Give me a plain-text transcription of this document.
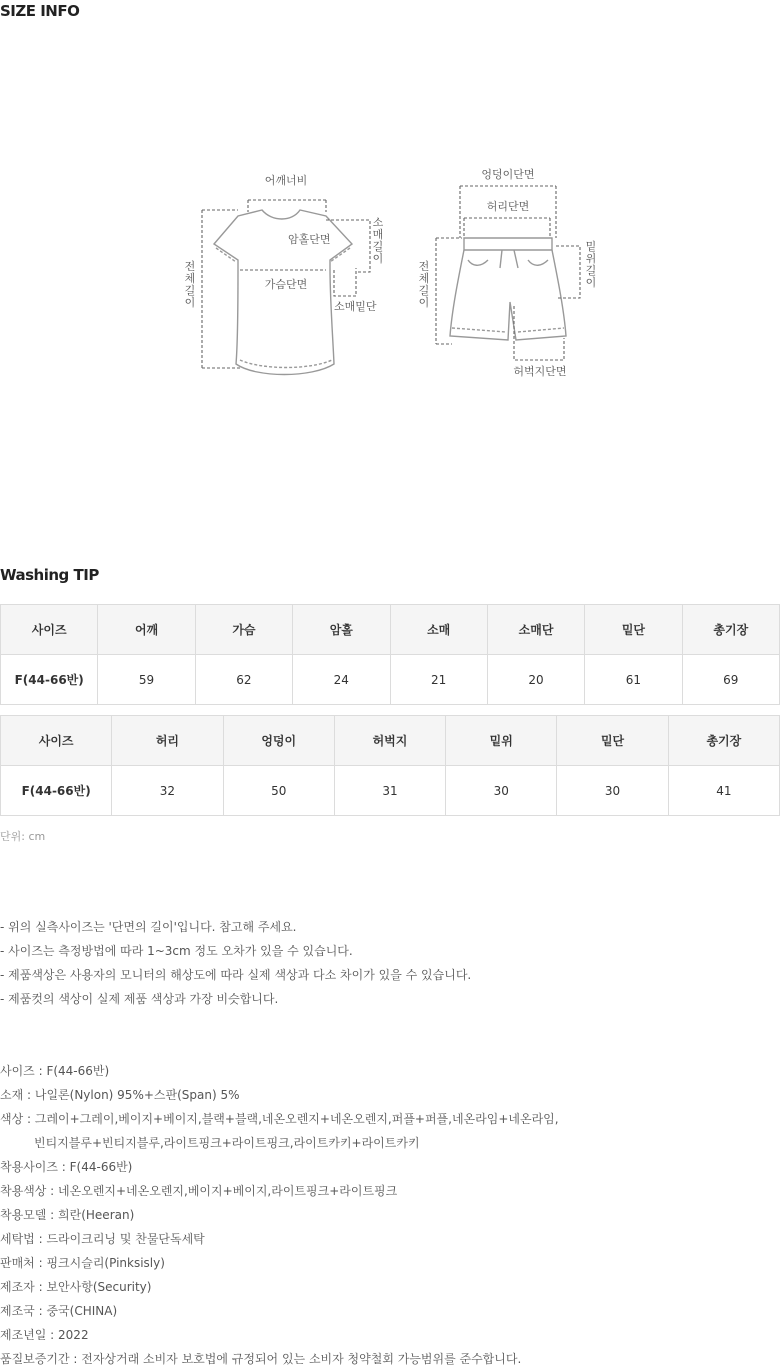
SIZE INFO
어깨너비
암홀단면
가슴단면
소매밑단
엉덩이단면
허리단면
허벅지단면
소 매 길 이
전 체 길 이
전 체 길 이
밑 위 길 이
Washing TIP
사이즈	어깨	가슴	암홀	소매	소매단	밑단	총기장
F(44-66반)	59	62	24	21	20	61	69
사이즈	허리	엉덩이	허벅지	밑위	밑단	총기장
F(44-66반)	32	50	31	30	30	41
단위: cm
- 위의 실측사이즈는 '단면의 길이'입니다. 참고해 주세요.
- 사이즈는 측정방법에 따라 1~3cm 정도 오차가 있을 수 있습니다.
- 제품색상은 사용자의 모니터의 해상도에 따라 실제 색상과 다소 차이가 있을 수 있습니다.
- 제품컷의 색상이 실제 제품 색상과 가장 비슷합니다.
사이즈 : F(44-66반)
소재 : 나일론(Nylon) 95%+스판(Span) 5%
색상 : 그레이+그레이,베이지+베이지,블랙+블랙,네온오렌지+네온오렌지,퍼플+퍼플,네온라임+네온라임,
빈티지블루+빈티지블루,라이트핑크+라이트핑크,라이트카키+라이트카키
착용사이즈 : F(44-66반)
착용색상 : 네온오렌지+네온오렌지,베이지+베이지,라이트핑크+라이트핑크
착용모델 : 희란(Heeran)
세탁법 : 드라이크리닝 및 찬물단독세탁
판매처 : 핑크시슬리(Pinksisly)
제조자 : 보안사항(Security)
제조국 : 중국(CHINA)
제조년일 : 2022
품질보증기간 : 전자상거래 소비자 보호법에 규정되어 있는 소비자 청약철회 가능범위를 준수합니다.
